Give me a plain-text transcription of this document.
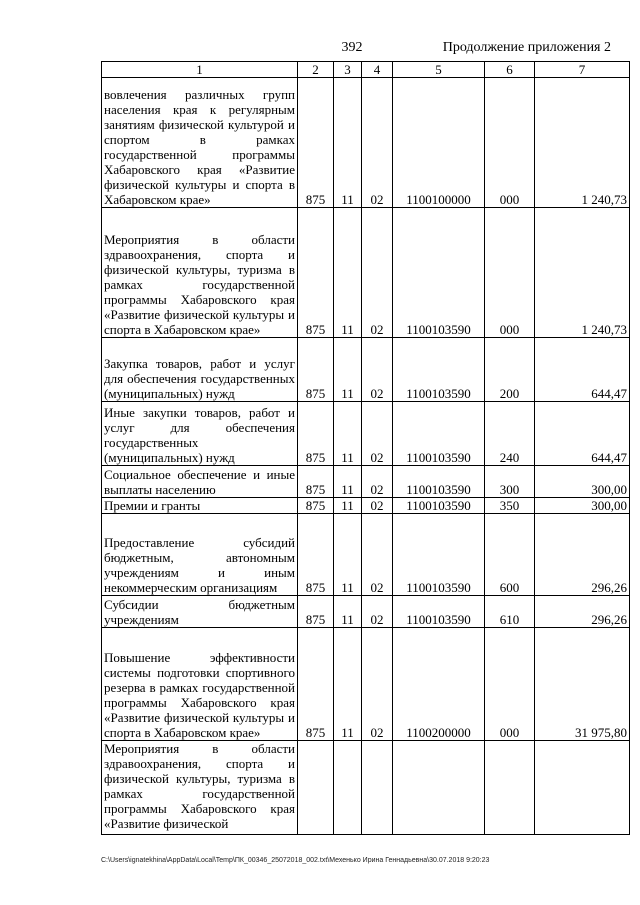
392	Продолжение приложения 2
1	2	3	4	5	6	7
вовлечения различных групп населения края к регулярным занятиям физической культурой и спортом в рамках государственной программы Хабаровского края «Развитие физической культуры и спорта в Хабаровском крае»	875	11	02	1100100000	000	1 240,73
Мероприятия в области здравоохранения, спорта и физической культуры, туризма в рамках государственной программы Хабаровского края «Развитие физической культуры и спорта в Хабаровском крае»	875	11	02	1100103590	000	1 240,73
Закупка товаров, работ и услуг для обеспечения государственных (муниципальных) нужд	875	11	02	1100103590	200	644,47
Иные закупки товаров, работ и услуг для обеспечения государственных (муниципальных) нужд	875	11	02	1100103590	240	644,47
Социальное обеспечение и иные выплаты населению	875	11	02	1100103590	300	300,00
Премии и гранты	875	11	02	1100103590	350	300,00
Предоставление субсидий бюджетным, автономным учреждениям и иным некоммерческим организациям	875	11	02	1100103590	600	296,26
Субсидии бюджетным учреждениям	875	11	02	1100103590	610	296,26
Повышение эффективности системы подготовки спортивного резерва в рамках государственной программы Хабаровского края «Развитие физической культуры и спорта в Хабаровском крае»	875	11	02	1100200000	000	31 975,80
Мероприятия в области здравоохранения, спорта и физической культуры, туризма в рамках государственной программы Хабаровского края «Развитие физической						
C:\Users\ignatekhina\AppData\Local\Temp\ПК_00346_25072018_002.txt\Мехенько Ирина Геннадьевна\30.07.2018 9:20:23
